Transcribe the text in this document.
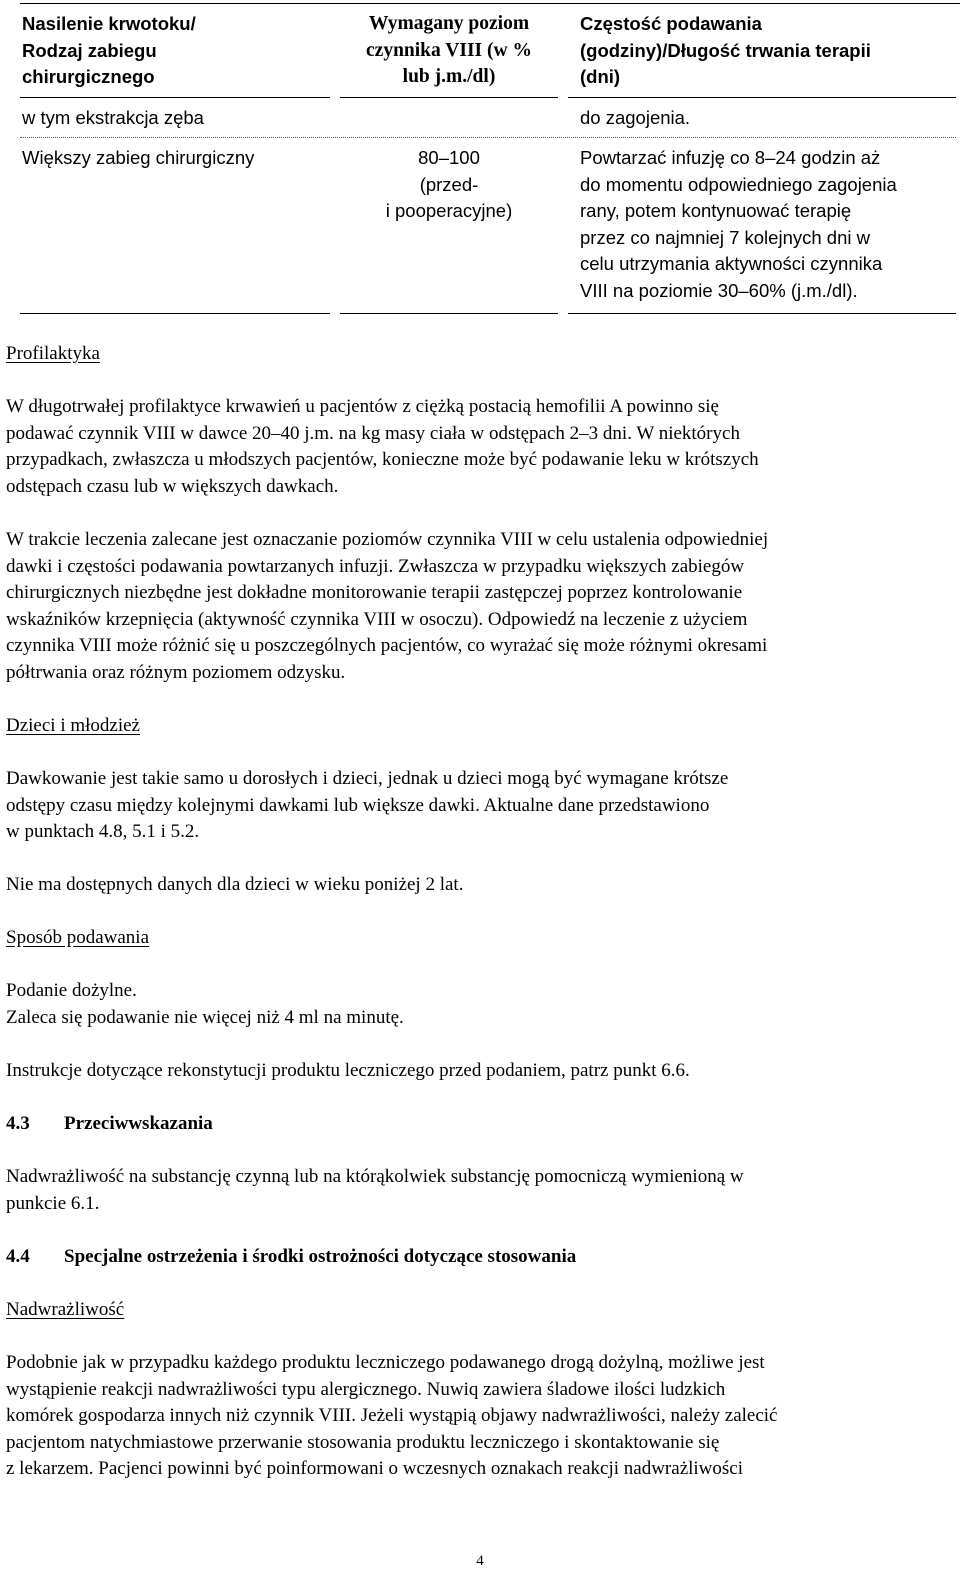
Nasilenie krwotoku/
Rodzaj zabiegu
chirurgicznego
Wymagany poziom
czynnika VIII (w %
lub j.m./dl)
Częstość podawania
(godziny)/Długość trwania terapii
(dni)
w tym ekstrakcja zęba	do zagojenia.
Większy zabieg chirurgiczny	80–100
(przed-
i pooperacyjne)
Powtarzać infuzję co 8–24 godzin aż
do momentu odpowiedniego zagojenia
rany, potem kontynuować terapię
przez co najmniej 7 kolejnych dni w
celu utrzymania aktywności czynnika
VIII na poziomie 30–60% (j.m./dl).
Profilaktyka
W długotrwałej profilaktyce krwawień u pacjentów z ciężką postacią hemofilii A powinno się
podawać czynnik VIII w dawce 20–40 j.m. na kg masy ciała w odstępach 2–3 dni. W niektórych
przypadkach, zwłaszcza u młodszych pacjentów, konieczne może być podawanie leku w krótszych
odstępach czasu lub w większych dawkach.
W trakcie leczenia zalecane jest oznaczanie poziomów czynnika VIII w celu ustalenia odpowiedniej
dawki i częstości podawania powtarzanych infuzji. Zwłaszcza w przypadku większych zabiegów
chirurgicznych niezbędne jest dokładne monitorowanie terapii zastępczej poprzez kontrolowanie
wskaźników krzepnięcia (aktywność czynnika VIII w osoczu). Odpowiedź na leczenie z użyciem
czynnika VIII może różnić się u poszczególnych pacjentów, co wyrażać się może różnymi okresami
półtrwania oraz różnym poziomem odzysku.
Dzieci i młodzież
Dawkowanie jest takie samo u dorosłych i dzieci, jednak u dzieci mogą być wymagane krótsze
odstępy czasu między kolejnymi dawkami lub większe dawki. Aktualne dane przedstawiono
w punktach 4.8, 5.1 i 5.2.
Nie ma dostępnych danych dla dzieci w wieku poniżej 2 lat.
Sposób podawania
Podanie dożylne.
Zaleca się podawanie nie więcej niż 4 ml na minutę.
Instrukcje dotyczące rekonstytucji produktu leczniczego przed podaniem, patrz punkt 6.6.
4.3 Przeciwwskazania
Nadwrażliwość na substancję czynną lub na którąkolwiek substancję pomocniczą wymienioną w
punkcie 6.1.
4.4 Specjalne ostrzeżenia i środki ostrożności dotyczące stosowania
Nadwrażliwość
Podobnie jak w przypadku każdego produktu leczniczego podawanego drogą dożylną, możliwe jest
wystąpienie reakcji nadwrażliwości typu alergicznego. Nuwiq zawiera śladowe ilości ludzkich
komórek gospodarza innych niż czynnik VIII. Jeżeli wystąpią objawy nadwrażliwości, należy zalecić
pacjentom natychmiastowe przerwanie stosowania produktu leczniczego i skontaktowanie się
z lekarzem. Pacjenci powinni być poinformowani o wczesnych oznakach reakcji nadwrażliwości
4
